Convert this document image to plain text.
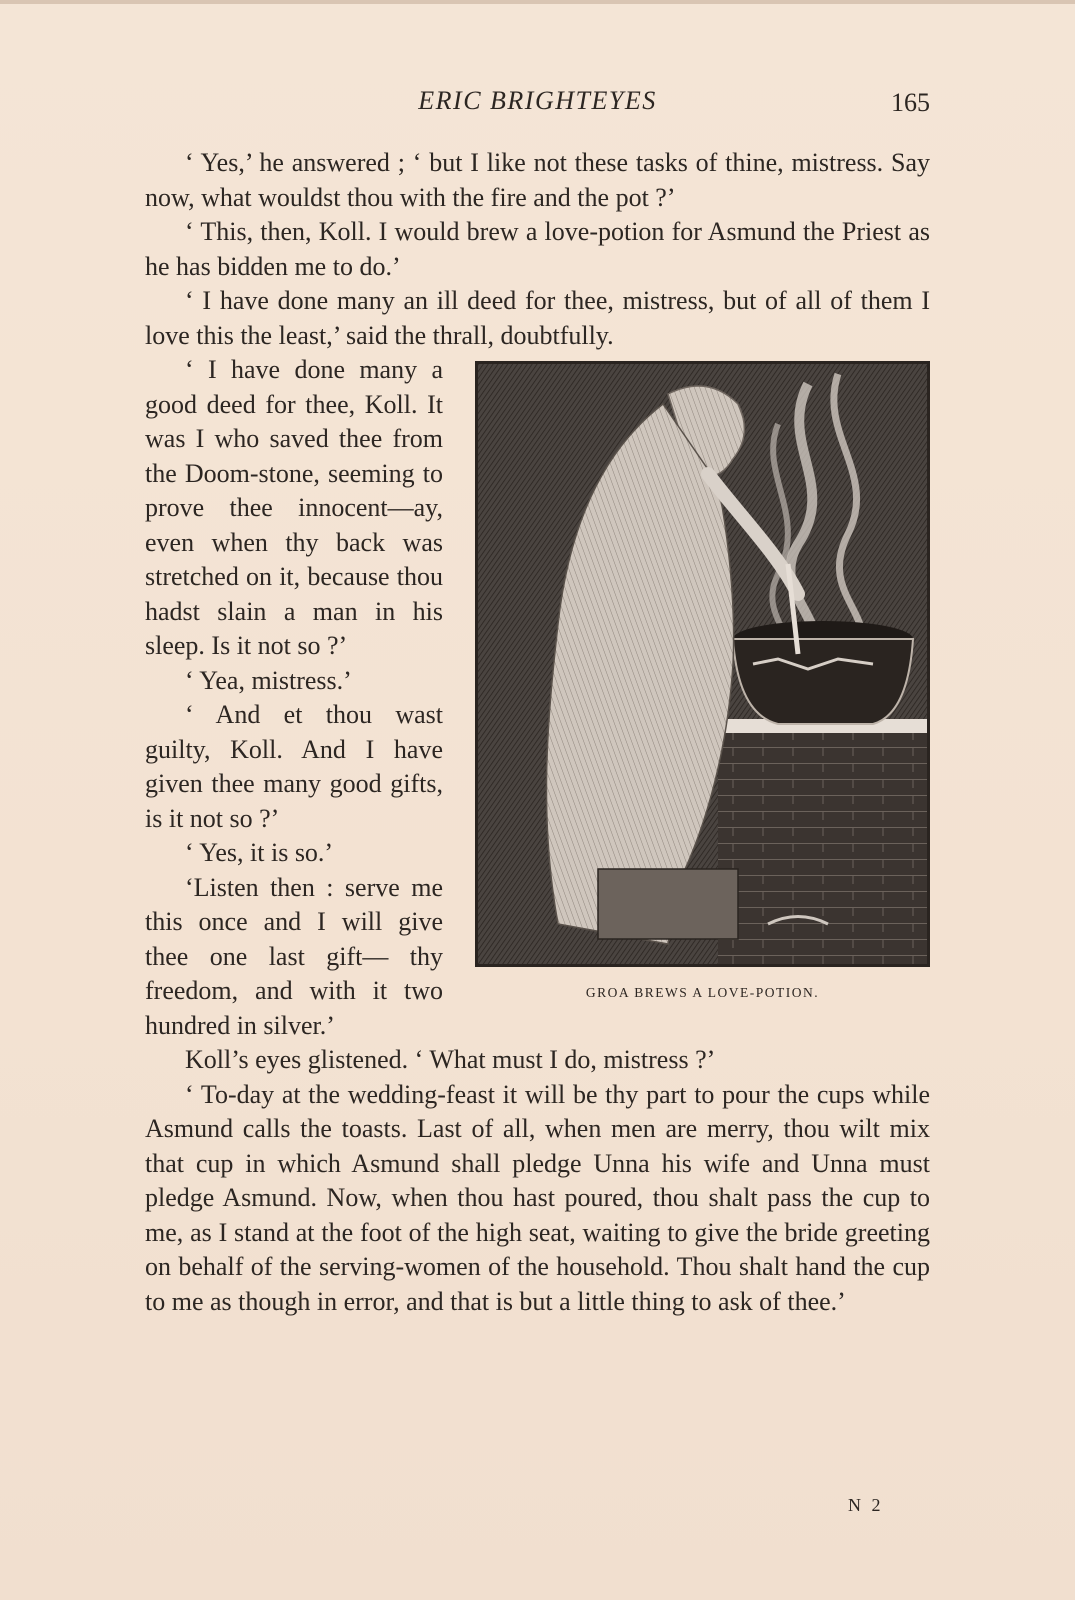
ERIC BRIGHTEYES	165

‘ Yes,’ he answered ; ‘ but I like not these tasks of thine, mistress. Say now, what wouldst thou with the fire and the pot ?’

‘ This, then, Koll. I would brew a love-potion for Asmund the Priest as he has bidden me to do.’

‘ I have done many an ill deed for thee, mistress, but of all of them I love this the least,’ said the thrall, doubtfully.

GROA BREWS A LOVE-POTION.

‘ I have done many a good deed for thee, Koll. It was I who saved thee from the Doom-stone, seeming to prove thee innocent—ay, even when thy back was stretched on it, because thou hadst slain a man in his sleep. Is it not so ?’

‘ Yea, mistress.’

‘ And et thou wast guilty, Koll. And I have given thee many good gifts, is it not so ?’

‘ Yes, it is so.’

‘Listen then : serve me this once and I will give thee one last gift— thy freedom, and with it two hundred in silver.’

Koll’s eyes glistened. ‘ What must I do, mistress ?’

‘ To-day at the wedding-feast it will be thy part to pour the cups while Asmund calls the toasts. Last of all, when men are merry, thou wilt mix that cup in which Asmund shall pledge Unna his wife and Unna must pledge Asmund. Now, when thou hast poured, thou shalt pass the cup to me, as I stand at the foot of the high seat, waiting to give the bride greeting on behalf of the serving-women of the household. Thou shalt hand the cup to me as though in error, and that is but a little thing to ask of thee.’

N 2
